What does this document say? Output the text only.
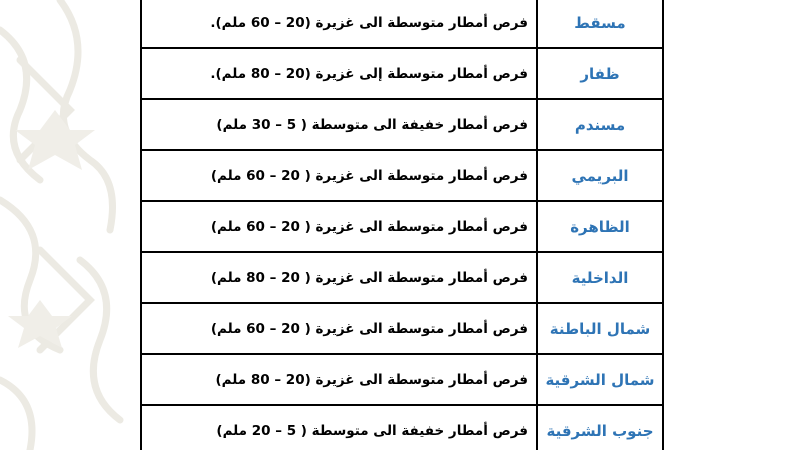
مسقط	فرص أمطار متوسطة الى غزيرة (20 – 60 ملم).
ظفار	فرص أمطار متوسطة إلى غزيرة (20 – 80 ملم).
مسندم	فرص أمطار خفيفة الى متوسطة ( 5 – 30 ملم)
البريمي	فرص أمطار متوسطة الى غزيرة ( 20 – 60 ملم)
الظاهرة	فرص أمطار متوسطة الى غزيرة ( 20 – 60 ملم)
الداخلية	فرص أمطار متوسطة الى غزيرة ( 20 – 80 ملم)
شمال الباطنة	فرص أمطار متوسطة الى غزيرة ( 20 – 60 ملم)
شمال الشرقية	فرص أمطار متوسطة الى غزيرة (20 – 80 ملم)
جنوب الشرقية	فرص أمطار خفيفة الى متوسطة ( 5 – 20 ملم)
